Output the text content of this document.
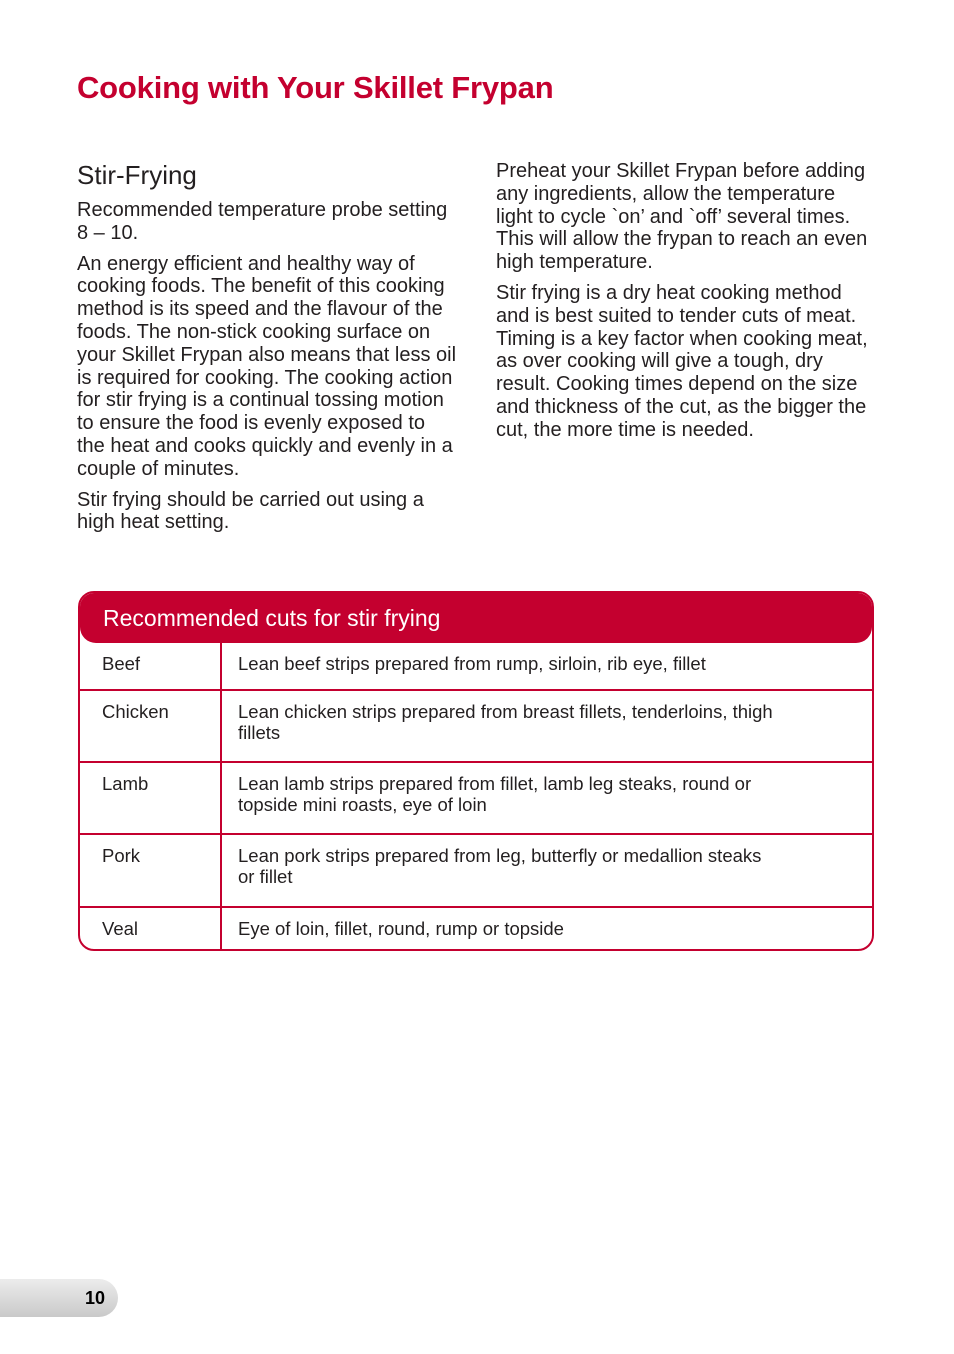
Cooking with Your Skillet Frypan
Stir-Frying

Recommended temperature probe setting 8 – 10.

An energy efficient and healthy way of cooking foods. The benefit of this cooking method is its speed and the flavour of the foods. The non-stick cooking surface on your Skillet Frypan also means that less oil is required for cooking. The cooking action for stir frying is a continual tossing motion to ensure the food is evenly exposed to the heat and cooks quickly and evenly in a couple of minutes.

Stir frying should be carried out using a high heat setting.

Preheat your Skillet Frypan before adding any ingredients, allow the temperature light to cycle `on’ and `off’ several times. This will allow the frypan to reach an even high temperature.

Stir frying is a dry heat cooking method and is best suited to tender cuts of meat. Timing is a key factor when cooking meat, as over cooking will give a tough, dry result. Cooking times depend on the size and thickness of the cut, as the bigger the cut, the more time is needed.

Recommended cuts for stir frying
Beef	Lean beef strips prepared from rump, sirloin, rib eye, fillet
Chicken	Lean chicken strips prepared from breast fillets, tenderloins, thigh fillets
Lamb	Lean lamb strips prepared from fillet, lamb leg steaks, round or topside mini roasts, eye of loin
Pork	Lean pork strips prepared from leg, butterfly or medallion steaks or fillet
Veal	Eye of loin, fillet, round, rump or topside
10
